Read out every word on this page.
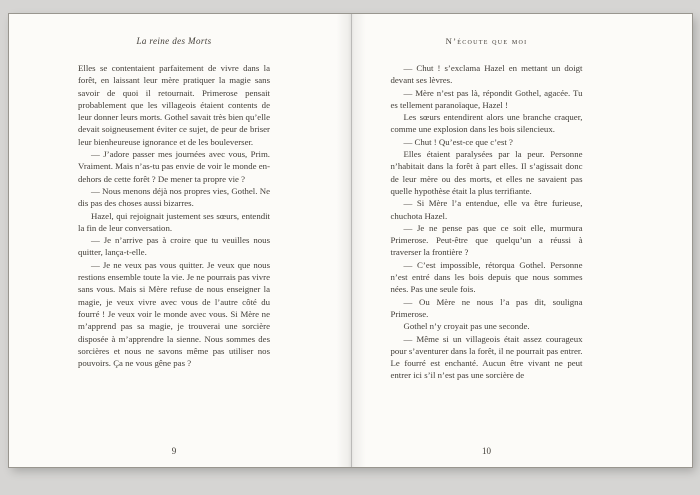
La reine des Morts

Elles se contentaient parfaitement de vivre dans la forêt, en laissant leur mère pratiquer la magie sans savoir de quoi il retournait. Primerose pensait probablement que les villageois étaient contents de leur donner leurs morts. Gothel savait très bien qu’elle devait soigneusement éviter ce sujet, de peur de briser leur bienheureuse ignorance et de les bouleverser.

— J’adore passer mes journées avec vous, Prim. Vraiment. Mais n’as-tu pas envie de voir le monde en-dehors de cette forêt ? De mener ta propre vie ?

— Nous menons déjà nos propres vies, Gothel. Ne dis pas des choses aussi bizarres.

Hazel, qui rejoignait justement ses sœurs, entendit la fin de leur conversation.

— Je n’arrive pas à croire que tu veuilles nous quitter, lança-t-elle.

— Je ne veux pas vous quitter. Je veux que nous restions ensemble toute la vie. Je ne pourrais pas vivre sans vous. Mais si Mère refuse de nous enseigner la magie, je veux vivre avec vous de l’autre côté du fourré ! Je veux voir le monde avec vous. Si Mère ne m’apprend pas sa magie, je trouverai une sorcière disposée à m’apprendre la sienne. Nous sommes des sorcières et nous ne savons même pas utiliser nos pouvoirs. Ça ne vous gêne pas ?

9
N’écoute que moi

— Chut ! s’exclama Hazel en mettant un doigt devant ses lèvres.

— Mère n’est pas là, répondit Gothel, agacée. Tu es tellement paranoïaque, Hazel !

Les sœurs entendirent alors une branche craquer, comme une explosion dans les bois silencieux.

— Chut ! Qu’est-ce que c’est ?

Elles étaient paralysées par la peur. Personne n’habitait dans la forêt à part elles. Il s’agissait donc de leur mère ou des morts, et elles ne savaient pas quelle hypothèse était la plus terrifiante.

— Si Mère l’a entendue, elle va être furieuse, chuchota Hazel.

— Je ne pense pas que ce soit elle, murmura Primerose. Peut-être que quelqu’un a réussi à traverser la frontière ?

— C’est impossible, rétorqua Gothel. Personne n’est entré dans les bois depuis que nous sommes nées. Pas une seule fois.

— Ou Mère ne nous l’a pas dit, souligna Primerose.

Gothel n’y croyait pas une seconde.

— Même si un villageois était assez courageux pour s’aventurer dans la forêt, il ne pourrait pas entrer. Le fourré est enchanté. Aucun être vivant ne peut entrer ici s’il n’est pas une sorcière de

10
